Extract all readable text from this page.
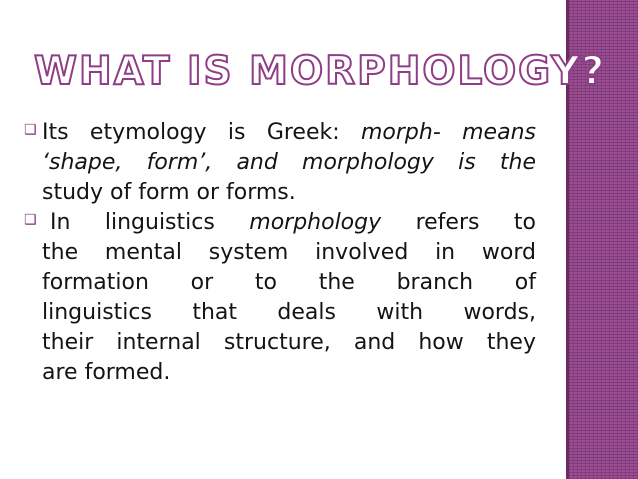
WHAT IS MORPHOLOGY?
❑ Its etymology is Greek: morph- means
‘shape, form’, and morphology is the
study of form or forms.
❑ In linguistics morphology refers to
the mental system involved in word
formation or to the branch of
linguistics that deals with words,
their internal structure, and how they
are formed.
